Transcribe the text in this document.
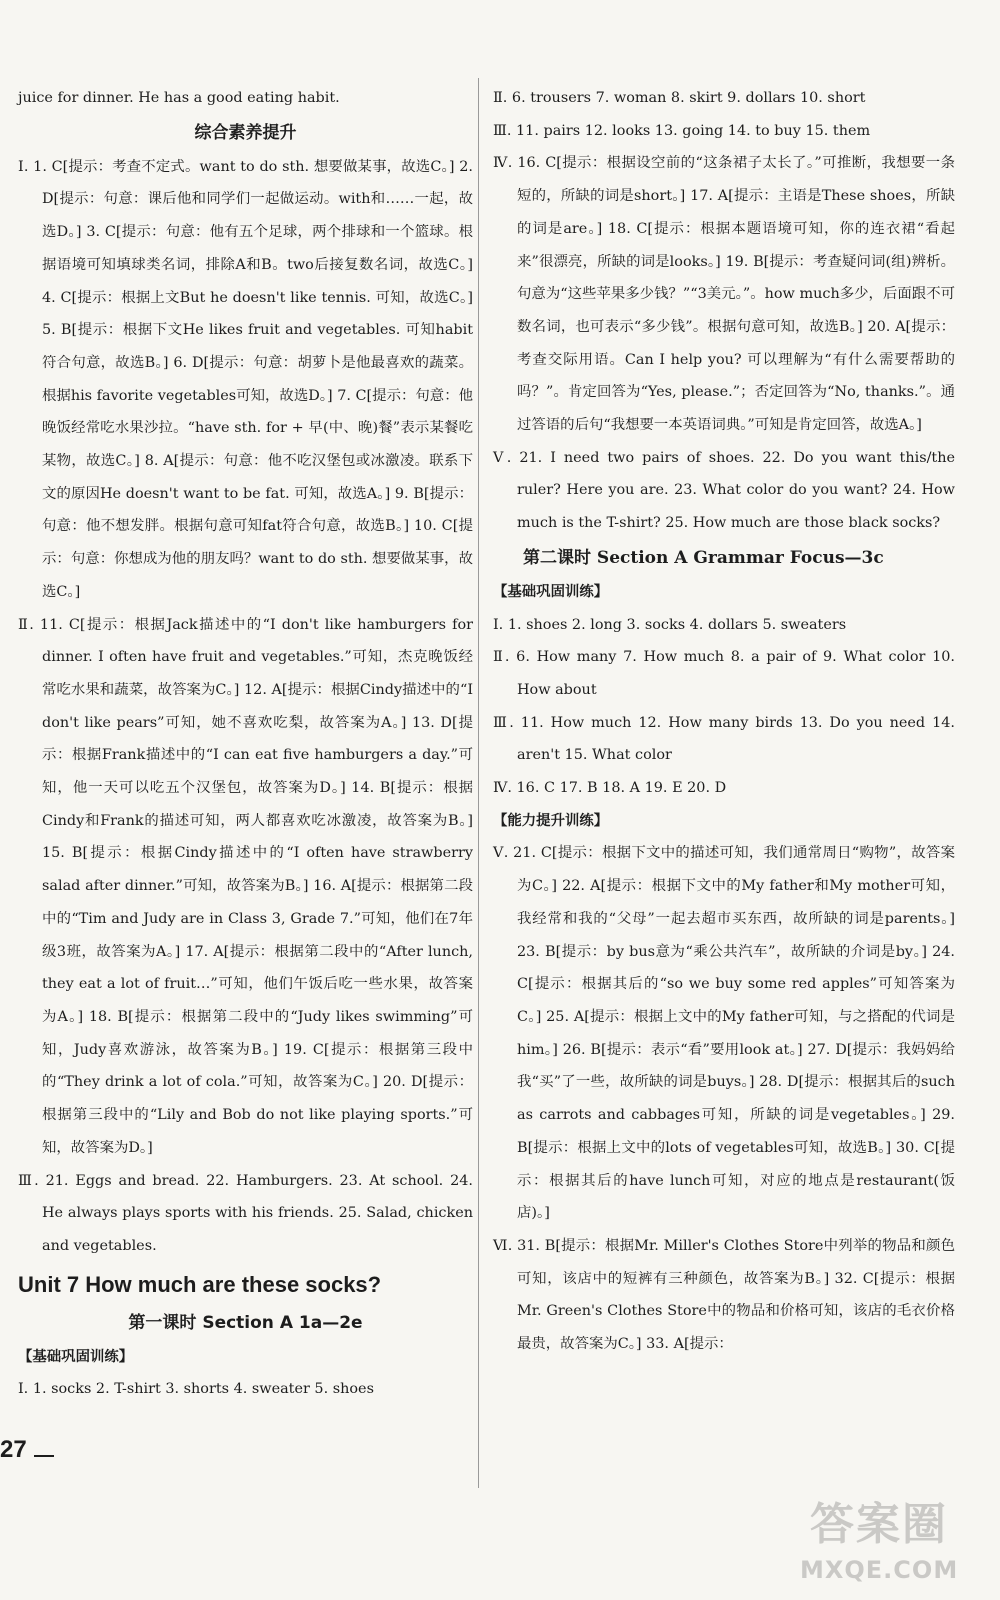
juice for dinner. He has a good eating habit.
综合素养提升
Ⅰ. 1. C[提示：考查不定式。want to do sth. 想要做某事，故选C。] 2. D[提示：句意：课后他和同学们一起做运动。with和……一起，故选D。] 3. C[提示：句意：他有五个足球，两个排球和一个篮球。根据语境可知填球类名词，排除A和B。two后接复数名词，故选C。] 4. C[提示：根据上文But he doesn't like tennis. 可知，故选C。] 5. B[提示：根据下文He likes fruit and vegetables. 可知habit符合句意，故选B。] 6. D[提示：句意：胡萝卜是他最喜欢的蔬菜。根据his favorite vegetables可知，故选D。] 7. C[提示：句意：他晚饭经常吃水果沙拉。“have sth. for + 早(中、晚)餐”表示某餐吃某物，故选C。] 8. A[提示：句意：他不吃汉堡包或冰激凌。联系下文的原因He doesn't want to be fat. 可知，故选A。] 9. B[提示：句意：他不想发胖。根据句意可知fat符合句意，故选B。] 10. C[提示：句意：你想成为他的朋友吗？want to do sth. 想要做某事，故选C。]
Ⅱ. 11. C[提示：根据Jack描述中的“I don't like hamburgers for dinner. I often have fruit and vegetables.”可知，杰克晚饭经常吃水果和蔬菜，故答案为C。] 12. A[提示：根据Cindy描述中的“I don't like pears”可知，她不喜欢吃梨，故答案为A。] 13. D[提示：根据Frank描述中的“I can eat five hamburgers a day.”可知，他一天可以吃五个汉堡包，故答案为D。] 14. B[提示：根据Cindy和Frank的描述可知，两人都喜欢吃冰激凌，故答案为B。] 15. B[提示：根据Cindy描述中的“I often have strawberry salad after dinner.”可知，故答案为B。] 16. A[提示：根据第二段中的“Tim and Judy are in Class 3, Grade 7.”可知，他们在7年级3班，故答案为A。] 17. A[提示：根据第二段中的“After lunch, they eat a lot of fruit…”可知，他们午饭后吃一些水果，故答案为A。] 18. B[提示：根据第二段中的“Judy likes swimming”可知，Judy喜欢游泳，故答案为B。] 19. C[提示：根据第三段中的“They drink a lot of cola.”可知，故答案为C。] 20. D[提示：根据第三段中的“Lily and Bob do not like playing sports.”可知，故答案为D。]
Ⅲ. 21. Eggs and bread. 22. Hamburgers. 23. At school. 24. He always plays sports with his friends. 25. Salad, chicken and vegetables.
Unit 7 How much are these socks?
第一课时 Section A 1a—2e
【基础巩固训练】
Ⅰ. 1. socks 2. T-shirt 3. shorts 4. sweater 5. shoes
Ⅱ. 6. trousers 7. woman 8. skirt 9. dollars 10. short
Ⅲ. 11. pairs 12. looks 13. going 14. to buy 15. them
Ⅳ. 16. C[提示：根据设空前的“这条裙子太长了。”可推断，我想要一条短的，所缺的词是short。] 17. A[提示：主语是These shoes，所缺的词是are。] 18. C[提示：根据本题语境可知，你的连衣裙“看起来”很漂亮，所缺的词是looks。] 19. B[提示：考查疑问词(组)辨析。句意为“这些苹果多少钱？”“3美元。”。how much多少，后面跟不可数名词，也可表示“多少钱”。根据句意可知，故选B。] 20. A[提示：考查交际用语。Can I help you? 可以理解为“有什么需要帮助的吗？”。肯定回答为“Yes, please.”；否定回答为“No, thanks.”。通过答语的后句“我想要一本英语词典。”可知是肯定回答，故选A。]
Ⅴ. 21. I need two pairs of shoes. 22. Do you want this/the ruler? Here you are. 23. What color do you want? 24. How much is the T-shirt? 25. How much are those black socks?
第二课时 Section A Grammar Focus—3c
【基础巩固训练】
Ⅰ. 1. shoes 2. long 3. socks 4. dollars 5. sweaters
Ⅱ. 6. How many 7. How much 8. a pair of 9. What color 10. How about
Ⅲ. 11. How much 12. How many birds 13. Do you need 14. aren't 15. What color
Ⅳ. 16. C 17. B 18. A 19. E 20. D
【能力提升训练】
Ⅴ. 21. C[提示：根据下文中的描述可知，我们通常周日“购物”，故答案为C。] 22. A[提示：根据下文中的My father和My mother可知，我经常和我的“父母”一起去超市买东西，故所缺的词是parents。] 23. B[提示：by bus意为“乘公共汽车”，故所缺的介词是by。] 24. C[提示：根据其后的“so we buy some red apples”可知答案为C。] 25. A[提示：根据上文中的My father可知，与之搭配的代词是him。] 26. B[提示：表示“看”要用look at。] 27. D[提示：我妈妈给我“买”了一些，故所缺的词是buys。] 28. D[提示：根据其后的such as carrots and cabbages可知，所缺的词是vegetables。] 29. B[提示：根据上文中的lots of vegetables可知，故选B。] 30. C[提示：根据其后的have lunch可知，对应的地点是restaurant(饭店)。]
Ⅵ. 31. B[提示：根据Mr. Miller's Clothes Store中列举的物品和颜色可知，该店中的短裤有三种颜色，故答案为B。] 32. C[提示：根据Mr. Green's Clothes Store中的物品和价格可知，该店的毛衣价格最贵，故答案为C。] 33. A[提示：
27
答案圈
MXQE.COM
